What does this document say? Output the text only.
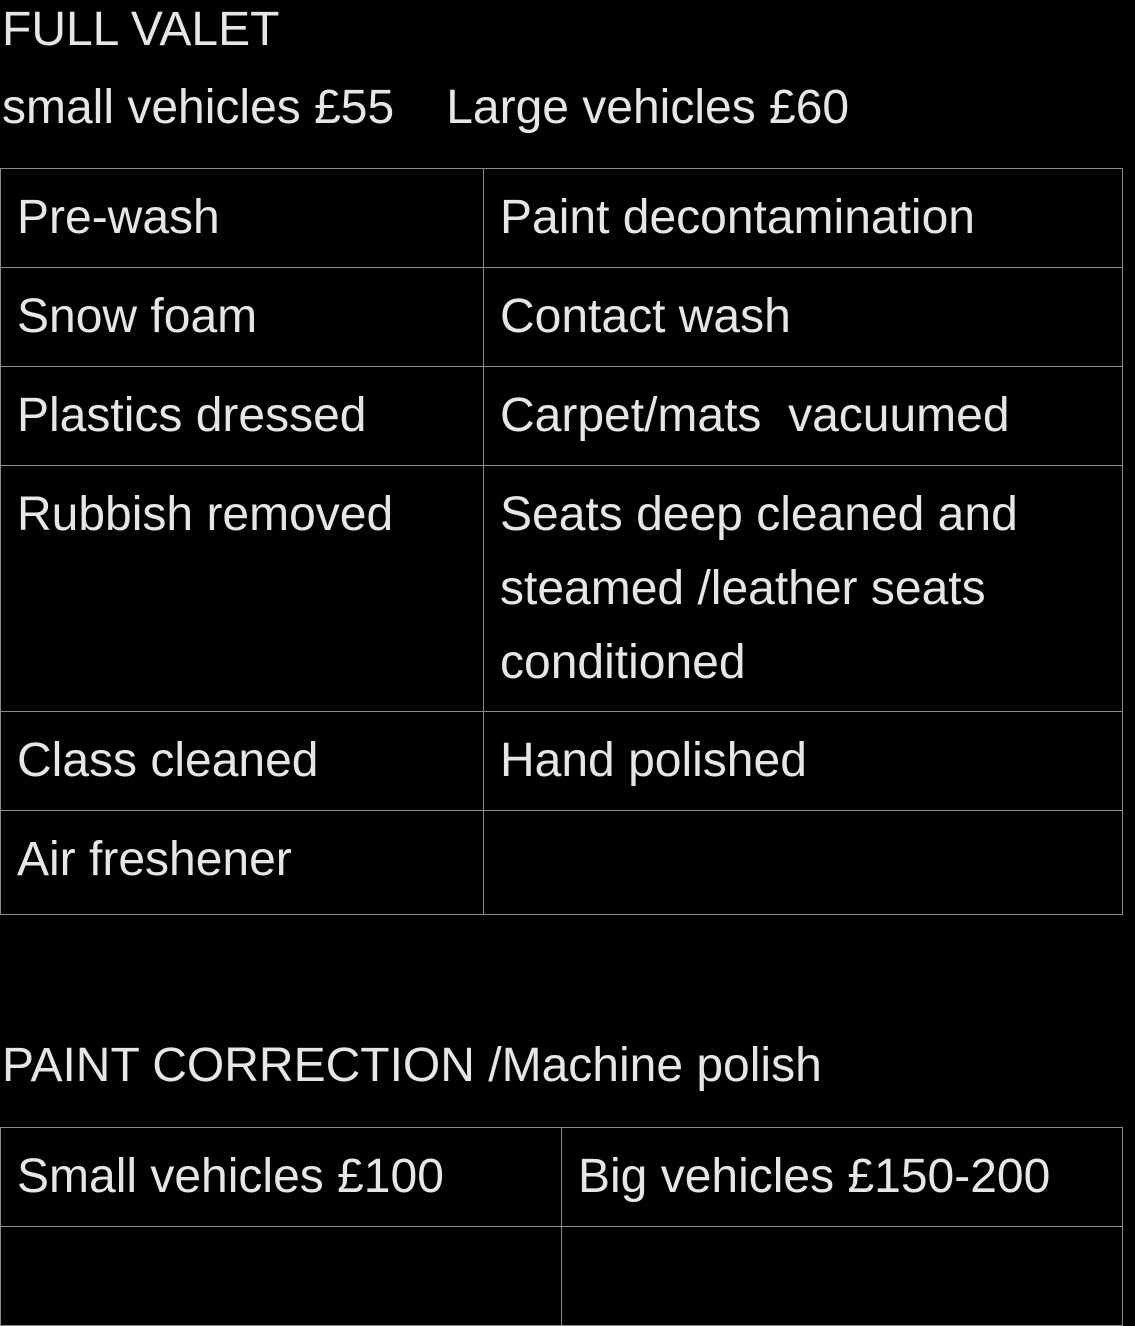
FULL VALET
small vehicles £55 Large vehicles £60
Pre-wash	Paint decontamination
Snow foam	Contact wash
Plastics dressed	Carpet/mats  vacuumed
Rubbish removed	Seats deep cleaned and steamed /leather seats conditioned
Class cleaned	Hand polished
Air freshener	
PAINT CORRECTION /Machine polish
Small vehicles £100	Big vehicles £150-200
